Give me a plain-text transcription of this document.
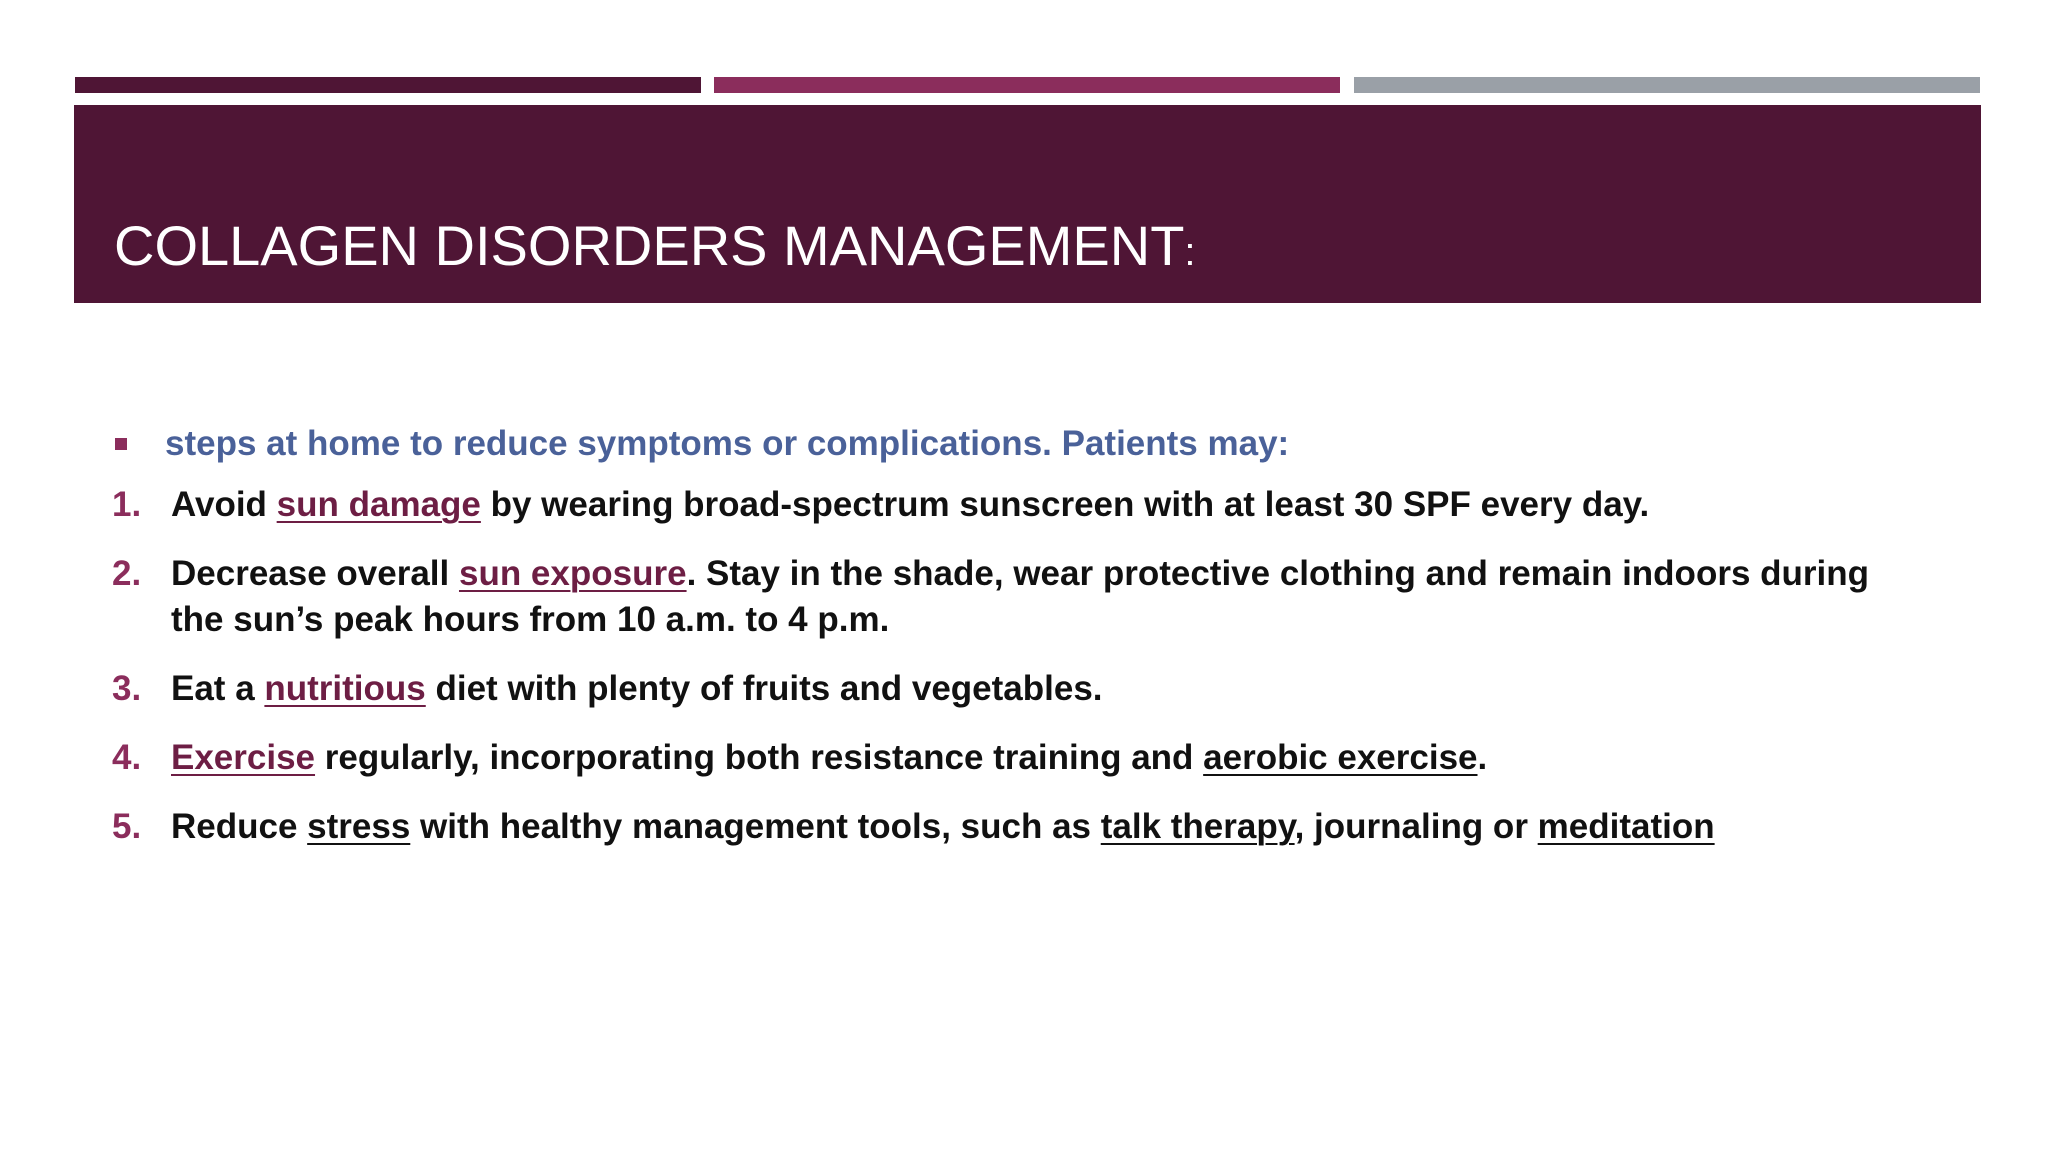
COLLAGEN DISORDERS MANAGEMENT:

steps at home to reduce symptoms or complications. Patients may:

1. Avoid sun damage by wearing broad-spectrum sunscreen with at least 30 SPF every day.
2. Decrease overall sun exposure. Stay in the shade, wear protective clothing and remain indoors during the sun’s peak hours from 10 a.m. to 4 p.m.
3. Eat a nutritious diet with plenty of fruits and vegetables.
4. Exercise regularly, incorporating both resistance training and aerobic exercise.
5. Reduce stress with healthy management tools, such as talk therapy, journaling or meditation
